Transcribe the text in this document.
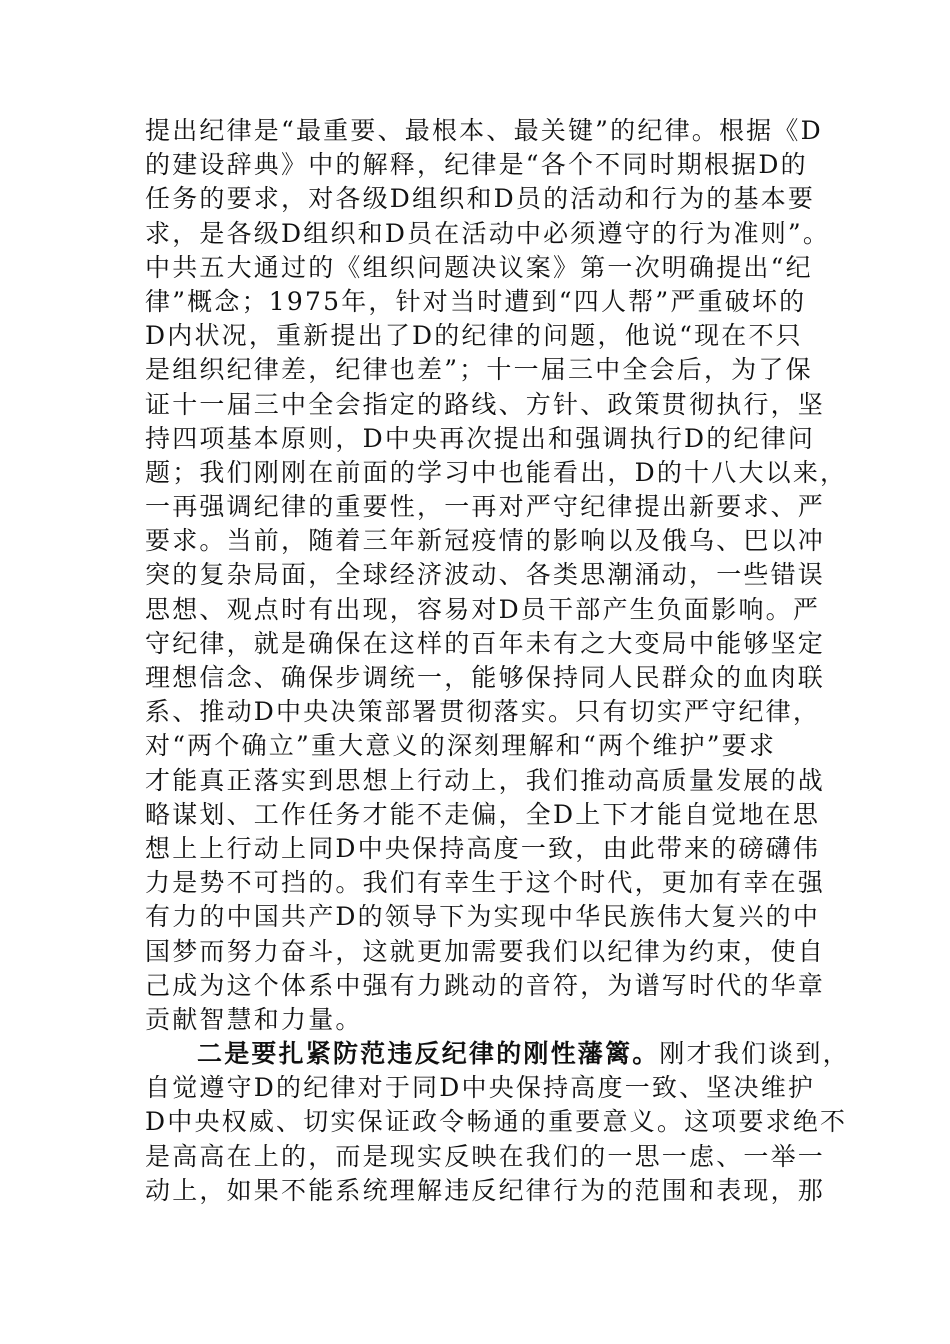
提出纪律是“最重要、最根本、最关键”的纪律。根据《D
的建设辞典》中的解释，纪律是“各个不同时期根据D的
任务的要求，对各级D组织和D员的活动和行为的基本要
求，是各级D组织和D员在活动中必须遵守的行为准则”。
中共五大通过的《组织问题决议案》第一次明确提出“纪
律”概念；1975年，针对当时遭到“四人帮”严重破坏的
D内状况，重新提出了D的纪律的问题，他说“现在不只
是组织纪律差，纪律也差”；十一届三中全会后，为了保
证十一届三中全会指定的路线、方针、政策贯彻执行，坚
持四项基本原则，D中央再次提出和强调执行D的纪律问
题；我们刚刚在前面的学习中也能看出，D的十八大以来，
一再强调纪律的重要性，一再对严守纪律提出新要求、严
要求。当前，随着三年新冠疫情的影响以及俄乌、巴以冲
突的复杂局面，全球经济波动、各类思潮涌动，一些错误
思想、观点时有出现，容易对D员干部产生负面影响。严
守纪律，就是确保在这样的百年未有之大变局中能够坚定
理想信念、确保步调统一，能够保持同人民群众的血肉联
系、推动D中央决策部署贯彻落实。只有切实严守纪律，
对“两个确立”重大意义的深刻理解和“两个维护”要求
才能真正落实到思想上行动上，我们推动高质量发展的战
略谋划、工作任务才能不走偏，全D上下才能自觉地在思
想上上行动上同D中央保持高度一致，由此带来的磅礴伟
力是势不可挡的。我们有幸生于这个时代，更加有幸在强
有力的中国共产D的领导下为实现中华民族伟大复兴的中
国梦而努力奋斗，这就更加需要我们以纪律为约束，使自
己成为这个体系中强有力跳动的音符，为谱写时代的华章
贡献智慧和力量。
二是要扎紧防范违反纪律的刚性藩篱。刚才我们谈到，
自觉遵守D的纪律对于同D中央保持高度一致、坚决维护
D中央权威、切实保证政令畅通的重要意义。这项要求绝不
是高高在上的，而是现实反映在我们的一思一虑、一举一
动上，如果不能系统理解违反纪律行为的范围和表现，那
